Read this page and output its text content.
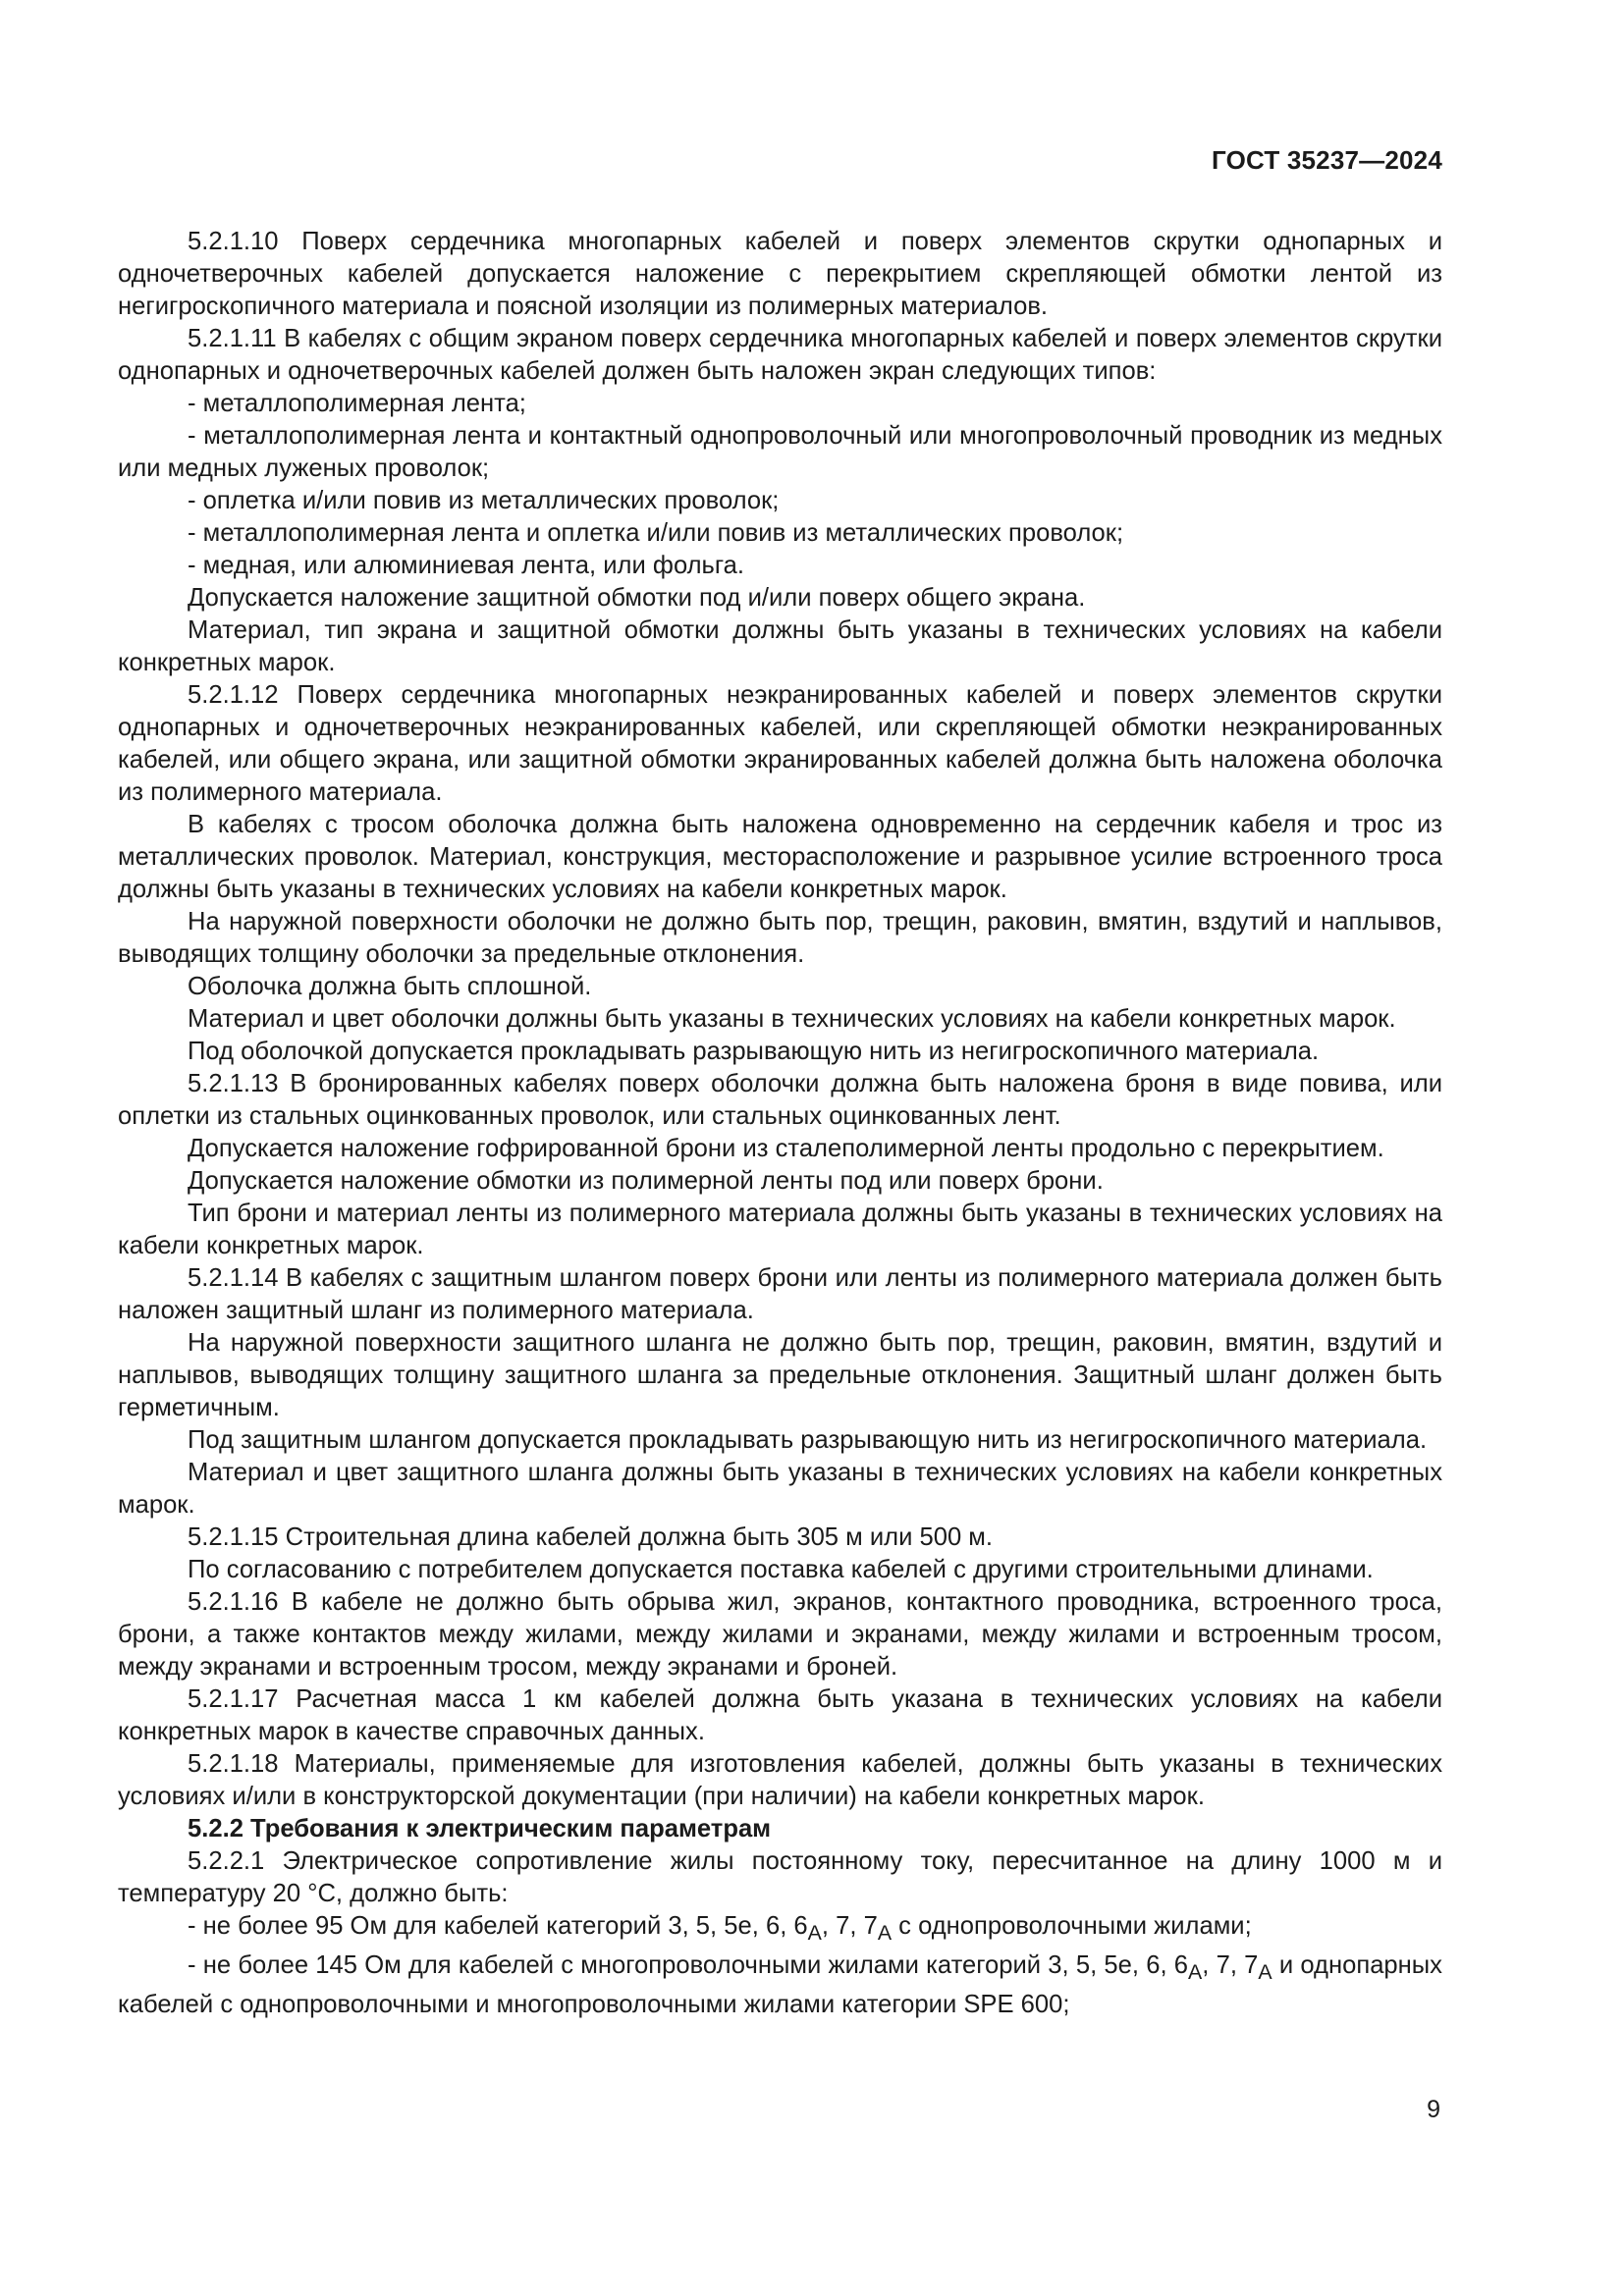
ГОСТ 35237—2024

5.2.1.10 Поверх сердечника многопарных кабелей и поверх элементов скрутки однопарных и одночетверочных кабелей допускается наложение с перекрытием скрепляющей обмотки лентой из негигроскопичного материала и поясной изоляции из полимерных материалов.

5.2.1.11 В кабелях с общим экраном поверх сердечника многопарных кабелей и поверх элементов скрутки однопарных и одночетверочных кабелей должен быть наложен экран следующих типов:

- металлополимерная лента;

- металлополимерная лента и контактный однопроволочный или многопроволочный проводник из медных или медных луженых проволок;

- оплетка и/или повив из металлических проволок;

- металлополимерная лента и оплетка и/или повив из металлических проволок;

- медная, или алюминиевая лента, или фольга.

Допускается наложение защитной обмотки под и/или поверх общего экрана.

Материал, тип экрана и защитной обмотки должны быть указаны в технических условиях на кабели конкретных марок.

5.2.1.12 Поверх сердечника многопарных неэкранированных кабелей и поверх элементов скрутки однопарных и одночетверочных неэкранированных кабелей, или скрепляющей обмотки неэкранированных кабелей, или общего экрана, или защитной обмотки экранированных кабелей должна быть наложена оболочка из полимерного материала.

В кабелях с тросом оболочка должна быть наложена одновременно на сердечник кабеля и трос из металлических проволок. Материал, конструкция, месторасположение и разрывное усилие встроенного троса должны быть указаны в технических условиях на кабели конкретных марок.

На наружной поверхности оболочки не должно быть пор, трещин, раковин, вмятин, вздутий и наплывов, выводящих толщину оболочки за предельные отклонения.

Оболочка должна быть сплошной.

Материал и цвет оболочки должны быть указаны в технических условиях на кабели конкретных марок.

Под оболочкой допускается прокладывать разрывающую нить из негигроскопичного материала.

5.2.1.13 В бронированных кабелях поверх оболочки должна быть наложена броня в виде повива, или оплетки из стальных оцинкованных проволок, или стальных оцинкованных лент.

Допускается наложение гофрированной брони из сталеполимерной ленты продольно с перекрытием.

Допускается наложение обмотки из полимерной ленты под или поверх брони.

Тип брони и материал ленты из полимерного материала должны быть указаны в технических условиях на кабели конкретных марок.

5.2.1.14 В кабелях с защитным шлангом поверх брони или ленты из полимерного материала должен быть наложен защитный шланг из полимерного материала.

На наружной поверхности защитного шланга не должно быть пор, трещин, раковин, вмятин, вздутий и наплывов, выводящих толщину защитного шланга за предельные отклонения. Защитный шланг должен быть герметичным.

Под защитным шлангом допускается прокладывать разрывающую нить из негигроскопичного материала.

Материал и цвет защитного шланга должны быть указаны в технических условиях на кабели конкретных марок.

5.2.1.15 Строительная длина кабелей должна быть 305 м или 500 м.

По согласованию с потребителем допускается поставка кабелей с другими строительными длинами.

5.2.1.16 В кабеле не должно быть обрыва жил, экранов, контактного проводника, встроенного троса, брони, а также контактов между жилами, между жилами и экранами, между жилами и встроенным тросом, между экранами и встроенным тросом, между экранами и броней.

5.2.1.17 Расчетная масса 1 км кабелей должна быть указана в технических условиях на кабели конкретных марок в качестве справочных данных.

5.2.1.18 Материалы, применяемые для изготовления кабелей, должны быть указаны в технических условиях и/или в конструкторской документации (при наличии) на кабели конкретных марок.

5.2.2 Требования к электрическим параметрам

5.2.2.1 Электрическое сопротивление жилы постоянному току, пересчитанное на длину 1000 м и температуру 20 °С, должно быть:

- не более 95 Ом для кабелей категорий 3, 5, 5е, 6, $6_A$, 7, $7_A$ с однопроволочными жилами;

- не более 145 Ом для кабелей с многопроволочными жилами категорий 3, 5, 5е, 6, $6_A$, 7, $7_A$ и однопарных кабелей с однопроволочными и многопроволочными жилами категории SPE 600;

9
